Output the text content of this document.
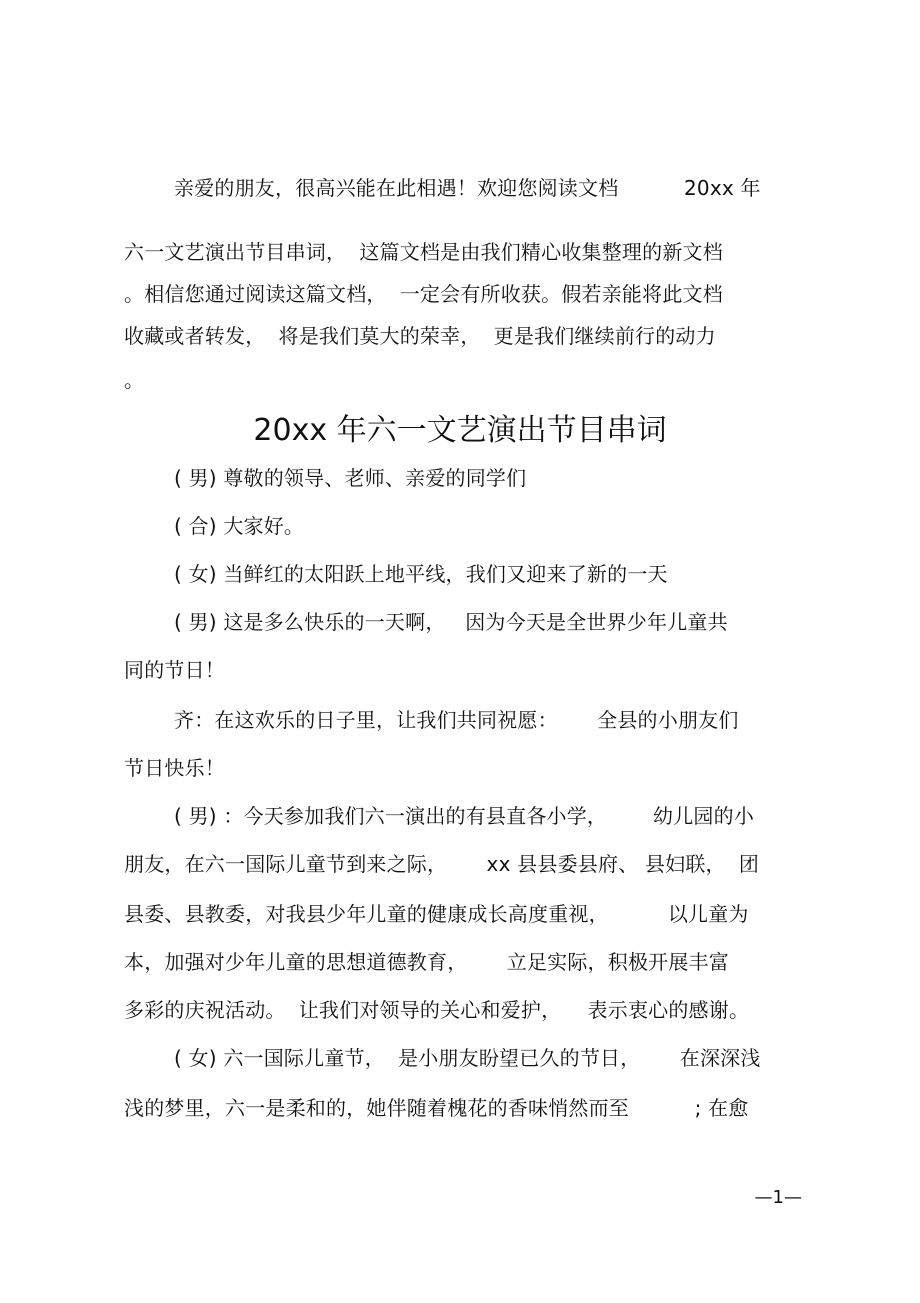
亲爱的朋友，很高兴能在此相遇！欢迎您阅读文档          20xx 年

六一文艺演出节目串词，  这篇文档是由我们精心收集整理的新文档

。相信您通过阅读这篇文档，  一定会有所收获。假若亲能将此文档

收藏或者转发，  将是我们莫大的荣幸，  更是我们继续前行的动力

。

20xx 年六一文艺演出节目串词

( 男) 尊敬的领导、老师、亲爱的同学们

( 合) 大家好。

( 女) 当鲜红的太阳跃上地平线，我们又迎来了新的一天

( 男) 这是多么快乐的一天啊，   因为今天是全世界少年儿童共

同的节日！

齐：在这欢乐的日子里，让我们共同祝愿：      全县的小朋友们

节日快乐！

( 男) ：今天参加我们六一演出的有县直各小学，       幼儿园的小

朋友，在六一国际儿童节到来之际，      xx 县县委县府、 县妇联，  团

县委、县教委，对我县少年儿童的健康成长高度重视，         以儿童为

本，加强对少年儿童的思想道德教育，      立足实际，积极开展丰富

多彩的庆祝活动。  让我们对领导的关心和爱护，    表示衷心的感谢。

( 女) 六一国际儿童节，  是小朋友盼望已久的节日，      在深深浅

浅的梦里，六一是柔和的，她伴随着槐花的香味悄然而至          ; 在愈

—1—
